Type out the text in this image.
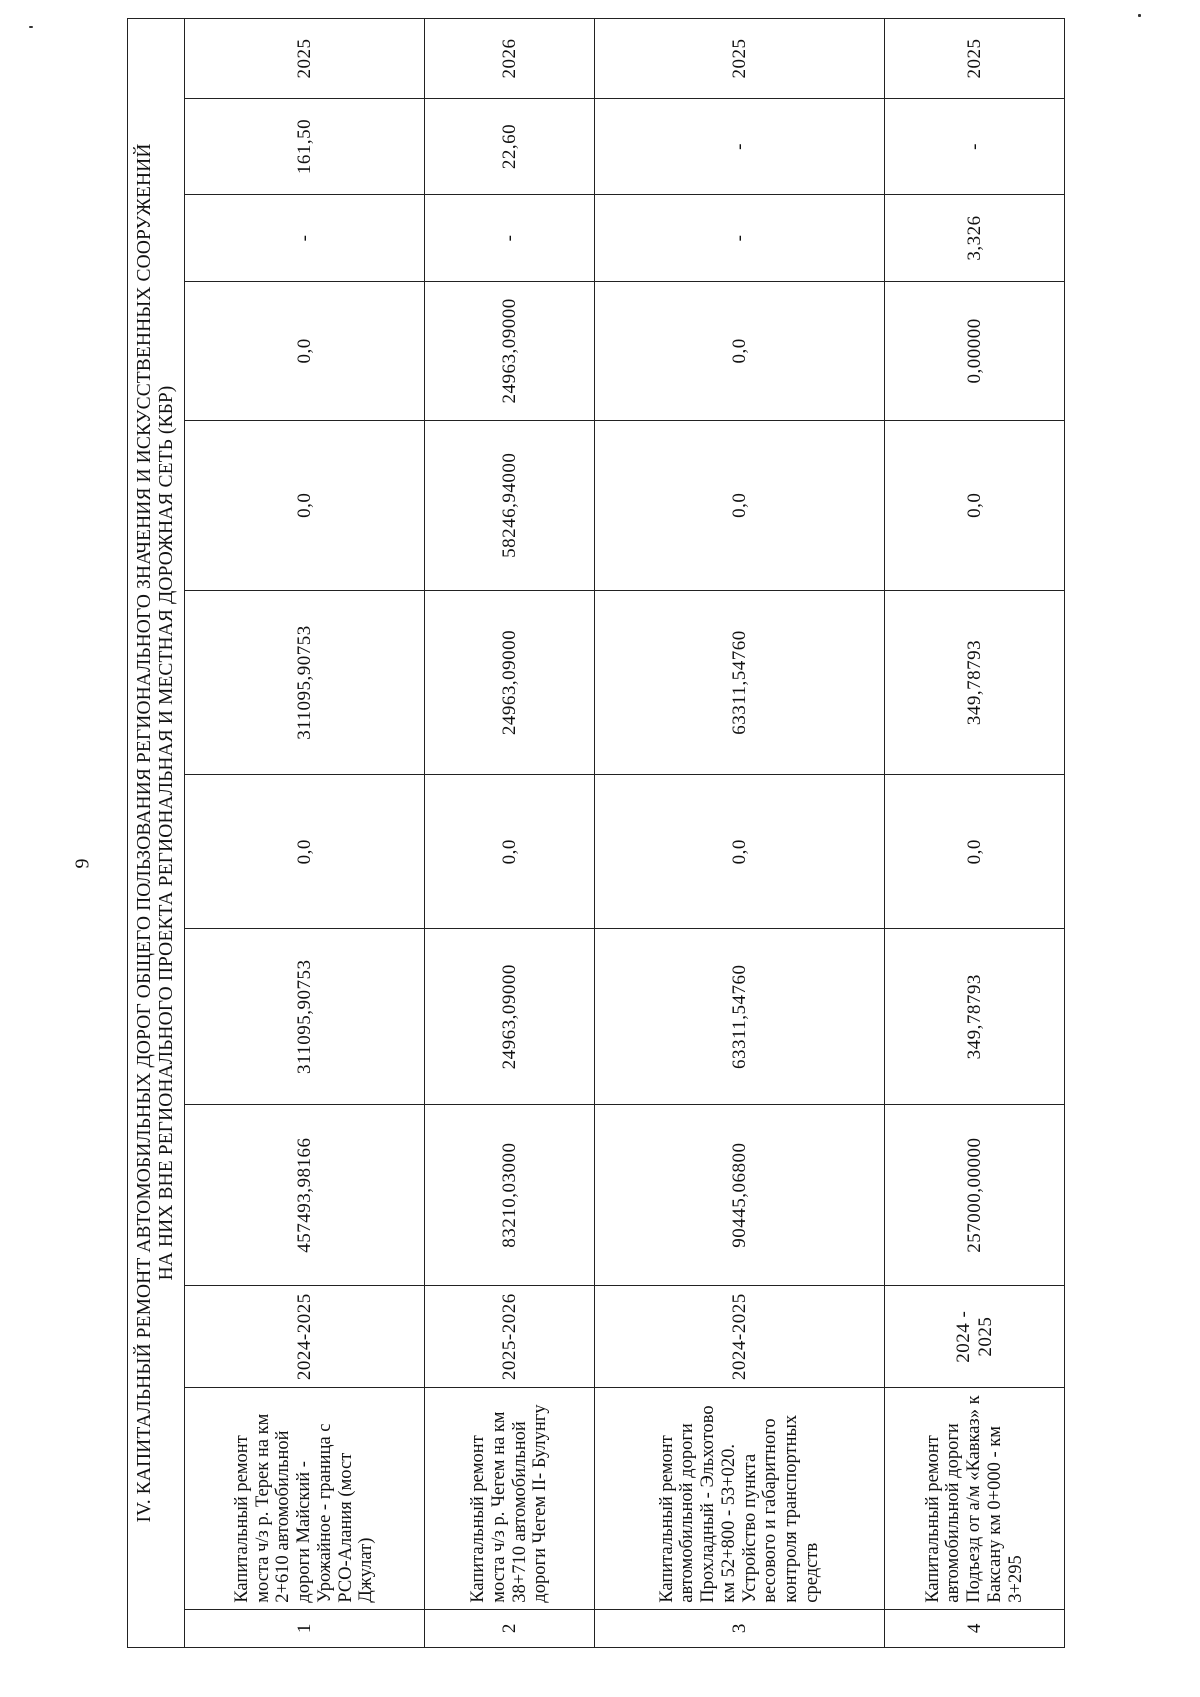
9 IV. КАПИТАЛЬНЫЙ РЕМОНТ АВТОМОБИЛЬНЫХ ДОРОГ ОБЩЕГО ПОЛЬЗОВАНИЯ РЕГИОНАЛЬНОГО ЗНАЧЕНИЯ И ИСКУССТВЕННЫХ СООРУЖЕНИЙ НА НИХ ВНЕ РЕГИОНАЛЬНОГО ПРОЕКТА РЕГИОНАЛЬНАЯ И МЕСТНАЯ ДОРОЖНАЯ СЕТЬ (КБР)											

1	Капитальный ремонт моста ч/з р. Терек на км 2+610 автомобильной дороги Майский - Урожайное - граница с РСО-Алания (мост Джулат)	2024-2025	457493,98166	311095,90753	0,0	311095,90753	0,0	0,0	-	161,50	2025
2	Капитальный ремонт моста ч/з р. Чегем на км 38+710 автомобильной дороги Чегем II- Булунгу	2025-2026	83210,03000	24963,09000	0,0	24963,09000	58246,94000	24963,09000	-	22,60	2026
3	Капитальный ремонт автомобильной дороги Прохладный - Эльхотово км 52+800 - 53+020. Устройство пункта весового и габаритного контроля транспортных средств	2024-2025	90445,06800	63311,54760	0,0	63311,54760	0,0	0,0	-	-	2025
4	Капитальный ремонт автомобильной дороги Подъезд от а/м «Кавказ» к Баксану км 0+000 - км 3+295	2024 - 2025	257000,00000	349,78793	0,0	349,78793	0,0	0,00000	3,326	-	2025
